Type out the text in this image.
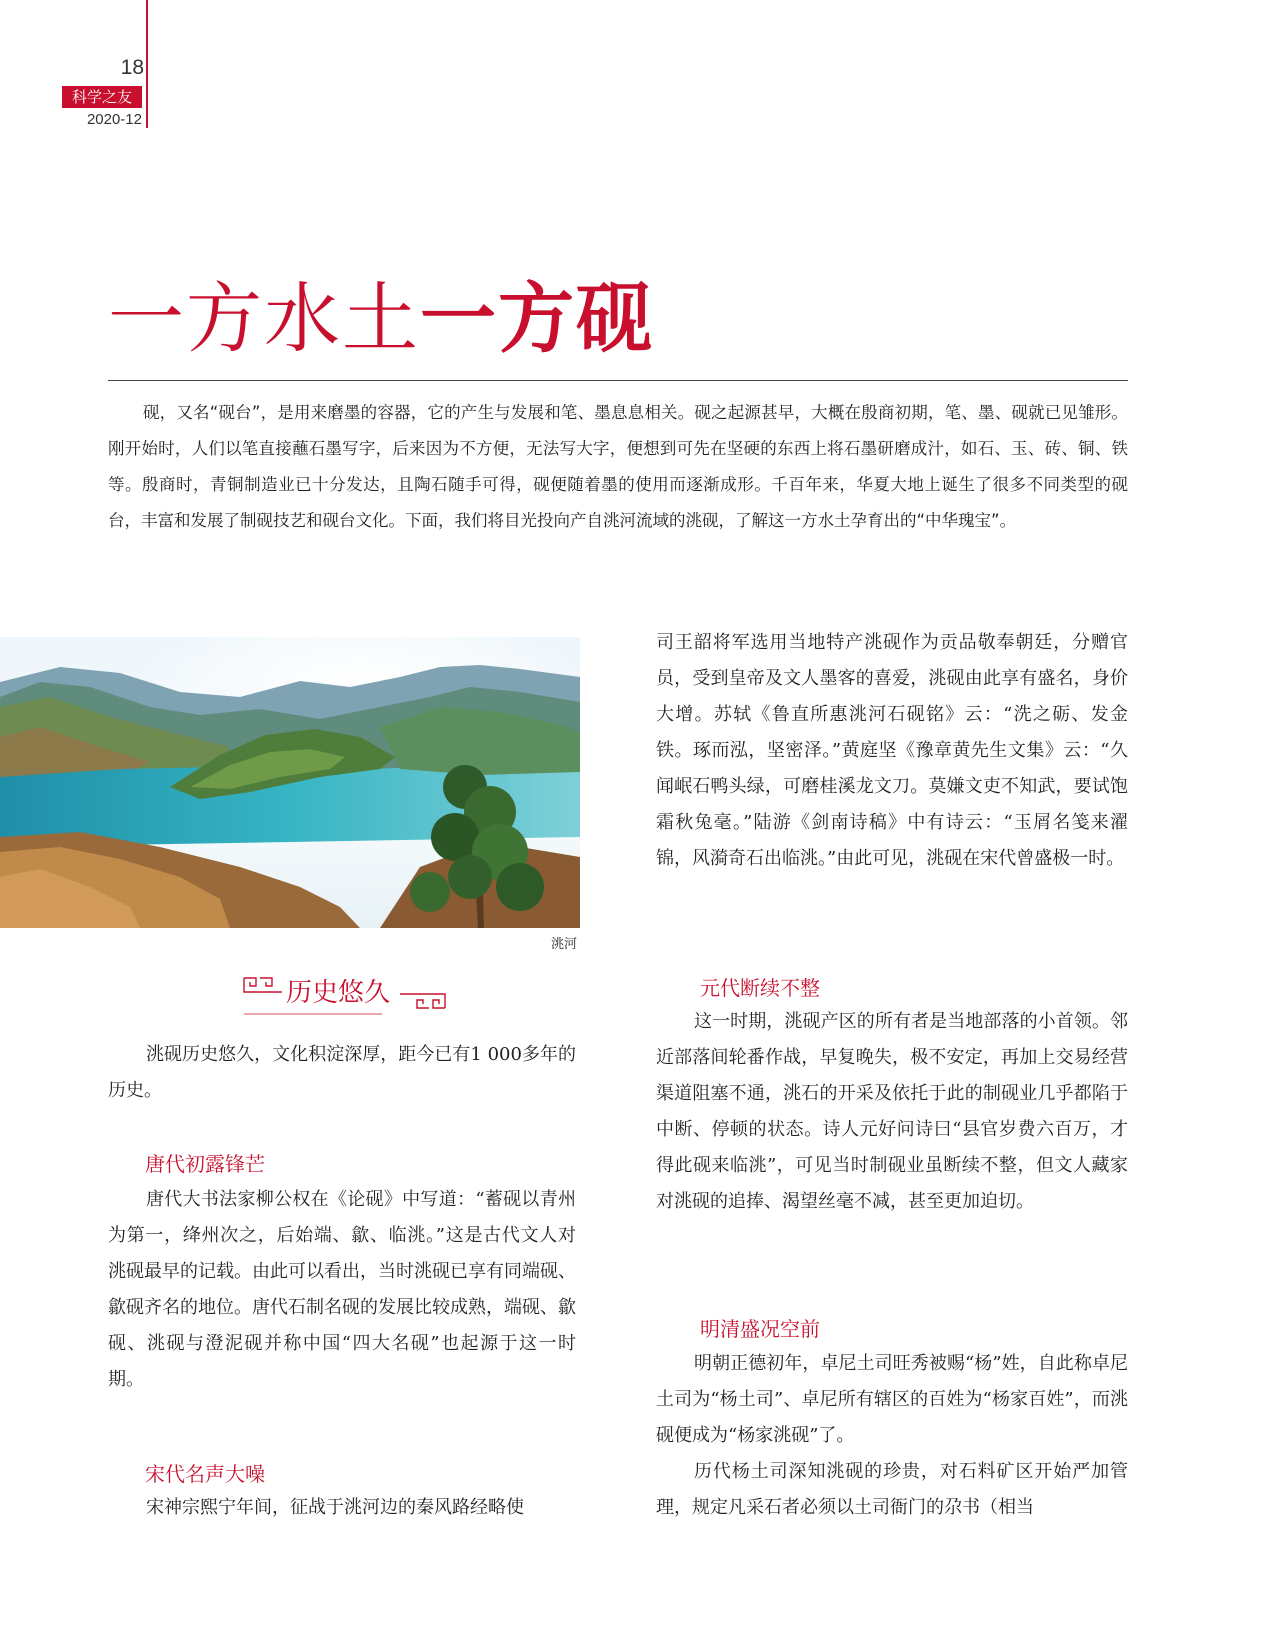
18
科学之友
2020-12
一方水土一方砚

砚，又名“砚台”，是用来磨墨的容器，它的产生与发展和笔、墨息息相关。砚之起源甚早，大概在殷商初期，笔、墨、砚就已见雏形。刚开始时，人们以笔直接蘸石墨写字，后来因为不方便，无法写大字，便想到可先在坚硬的东西上将石墨研磨成汁，如石、玉、砖、铜、铁等。殷商时，青铜制造业已十分发达，且陶石随手可得，砚便随着墨的使用而逐渐成形。千百年来，华夏大地上诞生了很多不同类型的砚台，丰富和发展了制砚技艺和砚台文化。下面，我们将目光投向产自洮河流域的洮砚，了解这一方水土孕育出的“中华瑰宝”。

洮河
历史悠久

洮砚历史悠久，文化积淀深厚，距今已有1 000多年的历史。

唐代初露锋芒

唐代大书法家柳公权在《论砚》中写道：“蓄砚以青州为第一，绛州次之，后始端、歙、临洮。”这是古代文人对洮砚最早的记载。由此可以看出，当时洮砚已享有同端砚、歙砚齐名的地位。唐代石制名砚的发展比较成熟，端砚、歙砚、洮砚与澄泥砚并称中国“四大名砚”也起源于这一时期。

宋代名声大噪

宋神宗熙宁年间，征战于洮河边的秦风路经略使

司王韶将军选用当地特产洮砚作为贡品敬奉朝廷，分赠官员，受到皇帝及文人墨客的喜爱，洮砚由此享有盛名，身价大增。苏轼《鲁直所惠洮河石砚铭》云：“洗之砺、发金铁。琢而泓，坚密泽。”黄庭坚《豫章黄先生文集》云：“久闻岷石鸭头绿，可磨桂溪龙文刀。莫嫌文吏不知武，要试饱霜秋兔毫。”陆游《剑南诗稿》中有诗云：“玉屑名笺来濯锦，风漪奇石出临洮。”由此可见，洮砚在宋代曾盛极一时。

元代断续不整

这一时期，洮砚产区的所有者是当地部落的小首领。邻近部落间轮番作战，早复晚失，极不安定，再加上交易经营渠道阻塞不通，洮石的开采及依托于此的制砚业几乎都陷于中断、停顿的状态。诗人元好问诗曰“县官岁费六百万，才得此砚来临洮”，可见当时制砚业虽断续不整，但文人藏家对洮砚的追捧、渴望丝毫不减，甚至更加迫切。

明清盛况空前

明朝正德初年，卓尼土司旺秀被赐“杨”姓，自此称卓尼土司为“杨土司”、卓尼所有辖区的百姓为“杨家百姓”，而洮砚便成为“杨家洮砚”了。

历代杨土司深知洮砚的珍贵，对石料矿区开始严加管理，规定凡采石者必须以土司衙门的尕书（相当
